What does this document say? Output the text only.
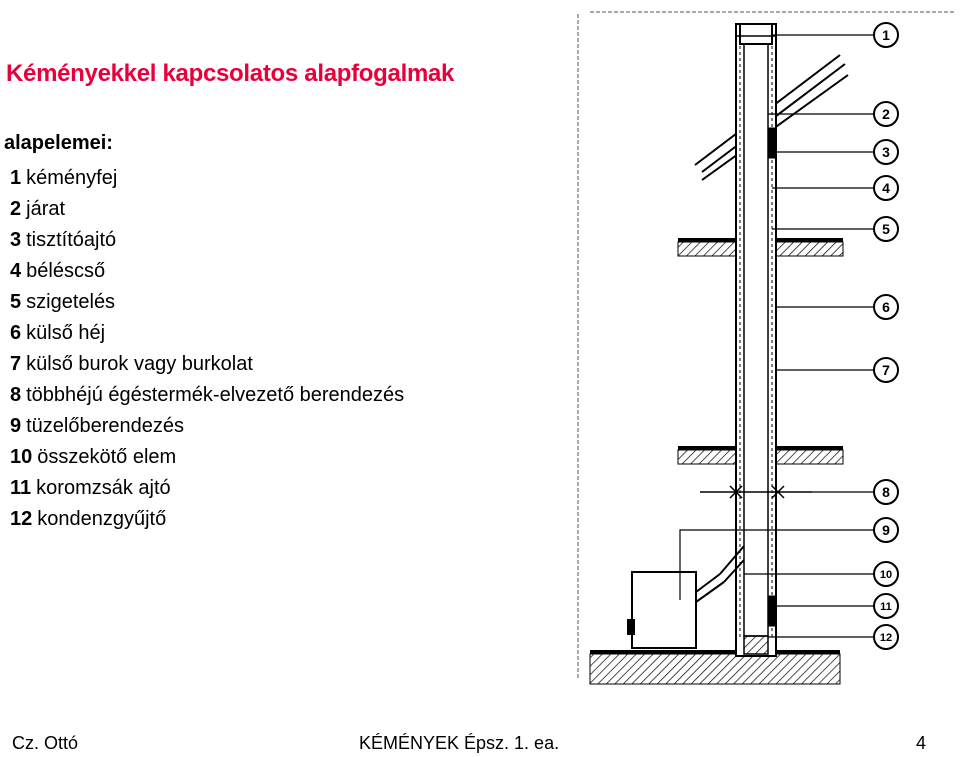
Kéményekkel kapcsolatos alapfogalmak
alapelemei:
1 kéményfej
2 járat
3 tisztítóajtó
4 béléscső
5 szigetelés
6 külső héj
7 külső burok vagy burkolat
8 többhéjú égéstermék-elvezető berendezés
9 tüzelőberendezés
10 összekötő elem
11 koromzsák ajtó
12 kondenzgyűjtő
1
2
3
4
5
6
7
8
9
10
11
12
Cz. Ottó	KÉMÉNYEK Épsz. 1. ea.	4
